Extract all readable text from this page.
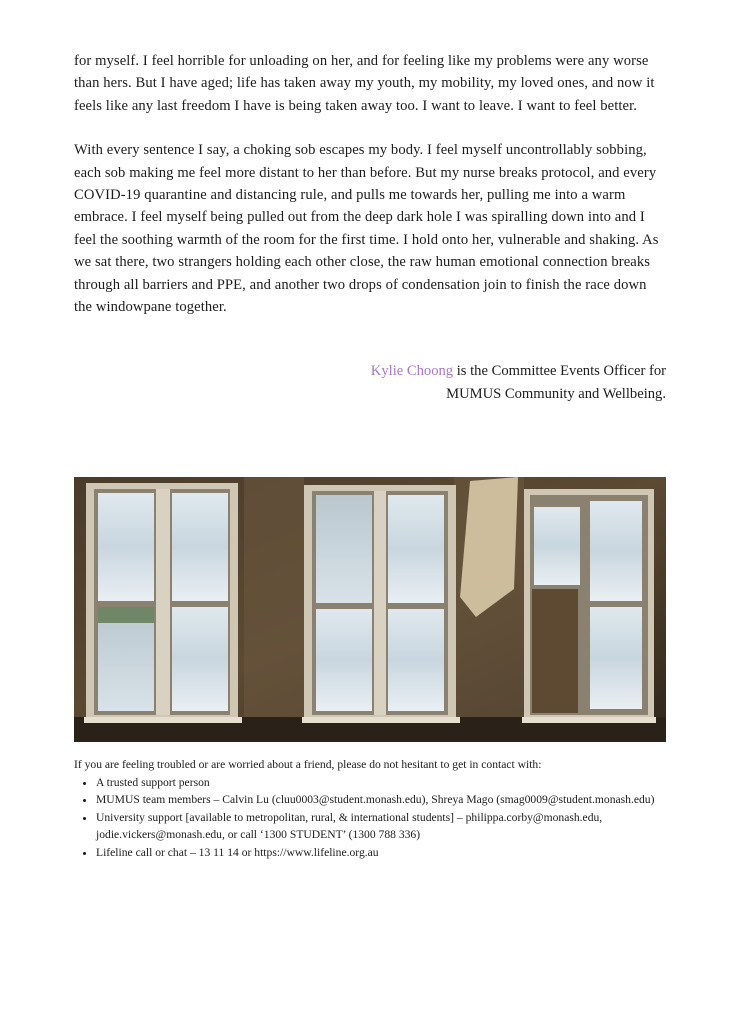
for myself. I feel horrible for unloading on her, and for feeling like my problems were any worse than hers. But I have aged; life has taken away my youth, my mobility, my loved ones, and now it feels like any last freedom I have is being taken away too. I want to leave. I want to feel better.

With every sentence I say, a choking sob escapes my body. I feel myself uncontrollably sobbing, each sob making me feel more distant to her than before. But my nurse breaks protocol, and every COVID-19 quarantine and distancing rule, and pulls me towards her, pulling me into a warm embrace. I feel myself being pulled out from the deep dark hole I was spiralling down into and I feel the soothing warmth of the room for the first time. I hold onto her, vulnerable and shaking. As we sat there, two strangers holding each other close, the raw human emotional connection breaks through all barriers and PPE, and another two drops of condensation join to finish the race down the windowpane together.

Kylie Choong is the Committee Events Officer for
MUMUS Community and Wellbeing.

If you are feeling troubled or are worried about a friend, please do not hesitant to get in contact with:

• A trusted support person
• MUMUS team members – Calvin Lu (cluu0003@student.monash.edu), Shreya Mago (smag0009@student.monash.edu)
• University support [available to metropolitan, rural, & international students] – philippa.corby@monash.edu, jodie.vickers@monash.edu, or call ‘1300 STUDENT’ (1300 788 336)
• Lifeline call or chat – 13 11 14 or https://www.lifeline.org.au
